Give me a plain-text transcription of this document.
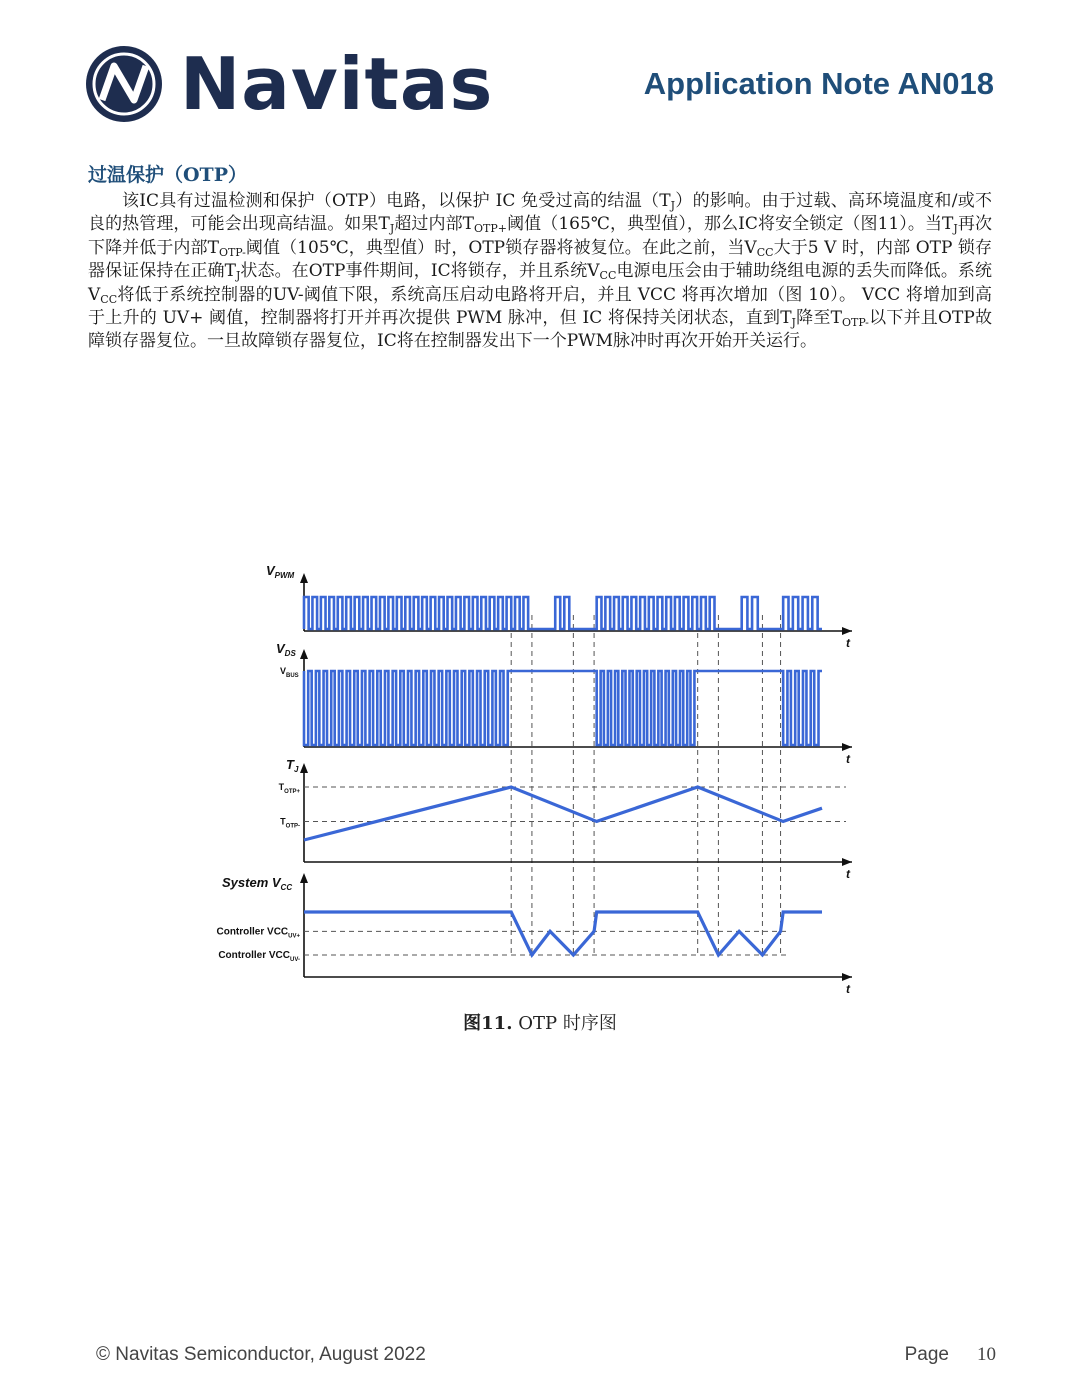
Navitas	Application Note AN018
过温保护（OTP）
该IC具有过温检测和保护（OTP）电路，以保护 IC 免受过高的结温$(T_J)$的影响。由于过载、高环境温度和/或不良的热管理，可能会出现高结温。如果$T_J$超过内部$T_{OTP+}$阈值（165℃，典型值），那么IC将安全锁定（图11）。当$T_J$再次下降并低于内部$T_{OTP-}$阈值（105℃，典型值）时，OTP锁存器将被复位。在此之前，当$V_{CC}$大于5 V 时，内部 OTP 锁存器保证保持在正确$T_J$状态。在OTP事件期间，IC将锁存，并且系统$V_{CC}$电源电压会由于辅助绕组电源的丢失而降低。系统$V_{CC}$将低于系统控制器的UV-阈值下限，系统高压启动电路将开启，并且 VCC 将再次增加（图 10）。 VCC 将增加到高于上升的 UV+ 阈值，控制器将打开并再次提供 PWM 脉冲，但 IC 将保持关闭状态，直到$T_J$降至$T_{OTP-}$以下并且OTP故障锁存器复位。一旦故障锁存器复位，IC将在控制器发出下一个PWM脉冲时再次开始开关运行。
t
$V_{PWM}$
t
$V_{DS}$
$V_{BUS}$
t
$T_J$
$T_{OTP+}$
$T_{OTP-}$
t
System $V_{CC}$
Controller $VCC_{UV+}$
Controller $VCC_{UV-}$
图11. OTP 时序图
© Navitas Semiconductor, August 2022	Page 10
